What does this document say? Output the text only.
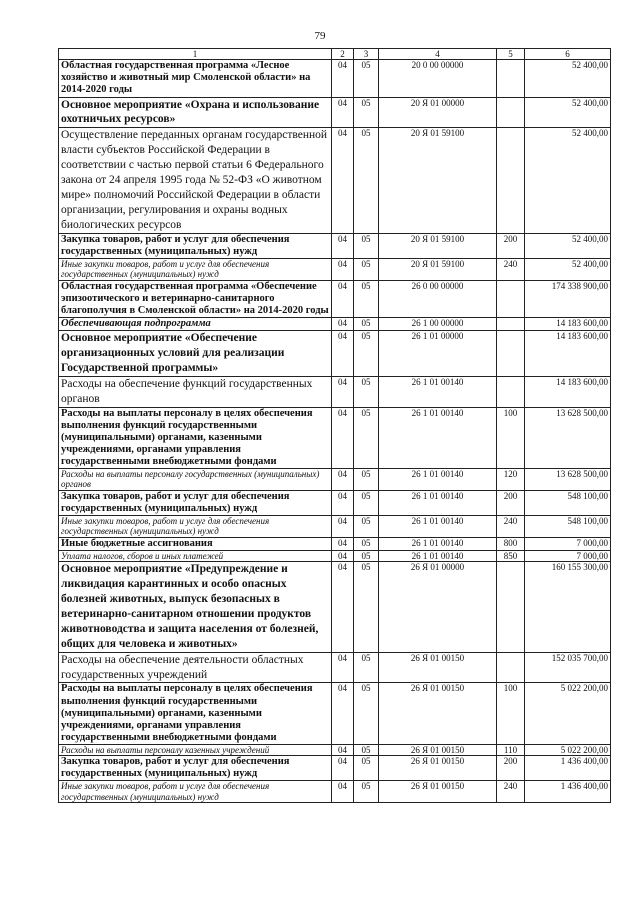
79
1	2	3	4	5	6
Областная государственная программа «Лесное хозяйство и животный мир Смоленской области» на 2014-2020 годы	04	05	20 0 00 00000		52 400,00
Основное мероприятие «Охрана и использование охотничьих ресурсов»	04	05	20 Я 01 00000		52 400,00
Осуществление переданных органам государственной власти субъектов Российской Федерации в соответствии с частью первой статьи 6 Федерального закона от 24 апреля 1995 года № 52-ФЗ «О животном мире» полномочий Российской Федерации в области организации, регулирования и охраны водных биологических ресурсов	04	05	20 Я 01 59100		52 400,00
Закупка товаров, работ и услуг для обеспечения государственных (муниципальных) нужд	04	05	20 Я 01 59100	200	52 400,00
Иные закупки товаров, работ и услуг для обеспечения государственных (муниципальных) нужд	04	05	20 Я 01 59100	240	52 400,00
Областная государственная программа «Обеспечение эпизоотического и ветеринарно-санитарного благополучия в Смоленской области» на 2014-2020 годы	04	05	26 0 00 00000		174 338 900,00
Обеспечивающая подпрограмма	04	05	26 1 00 00000		14 183 600,00
Основное мероприятие «Обеспечение организационных условий для реализации Государственной программы»	04	05	26 1 01 00000		14 183 600,00
Расходы на обеспечение функций государственных органов	04	05	26 1 01 00140		14 183 600,00
Расходы на выплаты персоналу в целях обеспечения выполнения функций государственными (муниципальными) органами, казенными учреждениями, органами управления государственными внебюджетными фондами	04	05	26 1 01 00140	100	13 628 500,00
Расходы на выплаты персоналу государственных (муниципальных) органов	04	05	26 1 01 00140	120	13 628 500,00
Закупка товаров, работ и услуг для обеспечения государственных (муниципальных) нужд	04	05	26 1 01 00140	200	548 100,00
Иные закупки товаров, работ и услуг для обеспечения государственных (муниципальных) нужд	04	05	26 1 01 00140	240	548 100,00
Иные бюджетные ассигнования	04	05	26 1 01 00140	800	7 000,00
Уплата налогов, сборов и иных платежей	04	05	26 1 01 00140	850	7 000,00
Основное мероприятие «Предупреждение и ликвидация карантинных и особо опасных болезней животных, выпуск безопасных в ветеринарно-санитарном отношении продуктов животноводства и защита населения от болезней, общих для человека и животных»	04	05	26 Я 01 00000		160 155 300,00
Расходы на обеспечение деятельности областных государственных учреждений	04	05	26 Я 01 00150		152 035 700,00
Расходы на выплаты персоналу в целях обеспечения выполнения функций государственными (муниципальными) органами, казенными учреждениями, органами управления государственными внебюджетными фондами	04	05	26 Я 01 00150	100	5 022 200,00
Расходы на выплаты персоналу казенных учреждений	04	05	26 Я 01 00150	110	5 022 200,00
Закупка товаров, работ и услуг для обеспечения государственных (муниципальных) нужд	04	05	26 Я 01 00150	200	1 436 400,00
Иные закупки товаров, работ и услуг для обеспечения государственных (муниципальных) нужд	04	05	26 Я 01 00150	240	1 436 400,00
